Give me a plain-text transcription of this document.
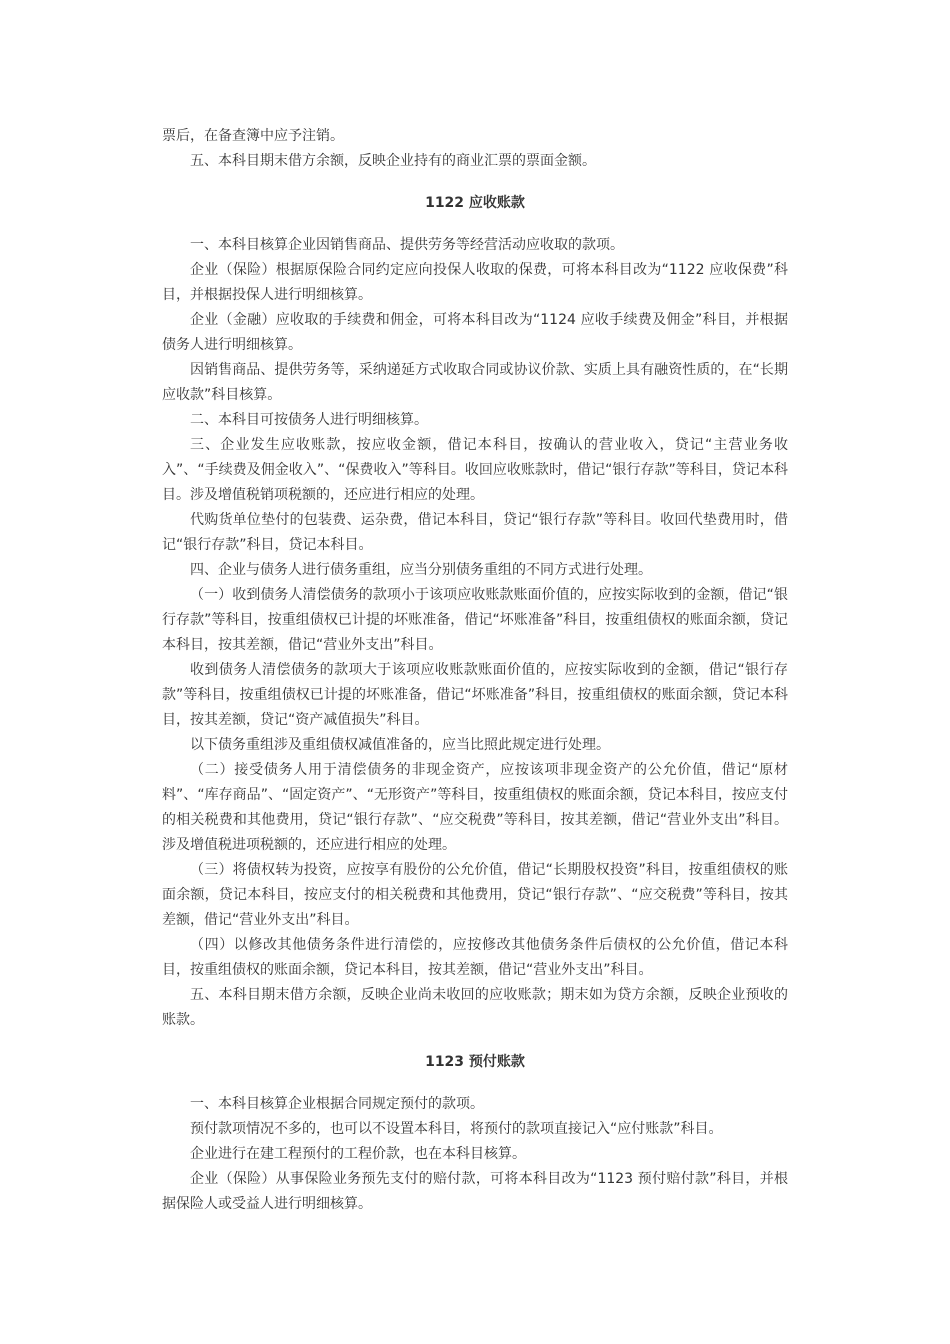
票后，在备查簿中应予注销。

五、本科目期末借方余额，反映企业持有的商业汇票的票面金额。

1122 应收账款

一、本科目核算企业因销售商品、提供劳务等经营活动应收取的款项。

企业（保险）根据原保险合同约定应向投保人收取的保费，可将本科目改为“1122 应收保费”科目，并根据投保人进行明细核算。

企业（金融）应收取的手续费和佣金，可将本科目改为“1124 应收手续费及佣金”科目，并根据债务人进行明细核算。

因销售商品、提供劳务等，采纳递延方式收取合同或协议价款、实质上具有融资性质的，在“长期应收款”科目核算。

二、本科目可按债务人进行明细核算。

三、企业发生应收账款，按应收金额，借记本科目，按确认的营业收入，贷记“主营业务收入”、“手续费及佣金收入”、“保费收入”等科目。收回应收账款时，借记“银行存款”等科目，贷记本科目。涉及增值税销项税额的，还应进行相应的处理。

代购货单位垫付的包装费、运杂费，借记本科目，贷记“银行存款”等科目。收回代垫费用时，借记“银行存款”科目，贷记本科目。

四、企业与债务人进行债务重组，应当分别债务重组的不同方式进行处理。

（一）收到债务人清偿债务的款项小于该项应收账款账面价值的，应按实际收到的金额，借记“银行存款”等科目，按重组债权已计提的坏账准备，借记“坏账准备”科目，按重组债权的账面余额，贷记本科目，按其差额，借记“营业外支出”科目。

收到债务人清偿债务的款项大于该项应收账款账面价值的，应按实际收到的金额，借记“银行存款”等科目，按重组债权已计提的坏账准备，借记“坏账准备”科目，按重组债权的账面余额，贷记本科目，按其差额，贷记“资产减值损失”科目。

以下债务重组涉及重组债权减值准备的，应当比照此规定进行处理。

（二）接受债务人用于清偿债务的非现金资产，应按该项非现金资产的公允价值，借记“原材料”、“库存商品”、“固定资产”、“无形资产”等科目，按重组债权的账面余额，贷记本科目，按应支付的相关税费和其他费用，贷记“银行存款”、“应交税费”等科目，按其差额，借记“营业外支出”科目。涉及增值税进项税额的，还应进行相应的处理。

（三）将债权转为投资，应按享有股份的公允价值，借记“长期股权投资”科目，按重组债权的账面余额，贷记本科目，按应支付的相关税费和其他费用，贷记“银行存款”、“应交税费”等科目，按其差额，借记“营业外支出”科目。

（四）以修改其他债务条件进行清偿的，应按修改其他债务条件后债权的公允价值，借记本科目，按重组债权的账面余额，贷记本科目，按其差额，借记“营业外支出”科目。

五、本科目期末借方余额，反映企业尚未收回的应收账款；期末如为贷方余额，反映企业预收的账款。

1123 预付账款

一、本科目核算企业根据合同规定预付的款项。

预付款项情况不多的，也可以不设置本科目，将预付的款项直接记入“应付账款”科目。

企业进行在建工程预付的工程价款，也在本科目核算。

企业（保险）从事保险业务预先支付的赔付款，可将本科目改为“1123 预付赔付款”科目，并根据保险人或受益人进行明细核算。
